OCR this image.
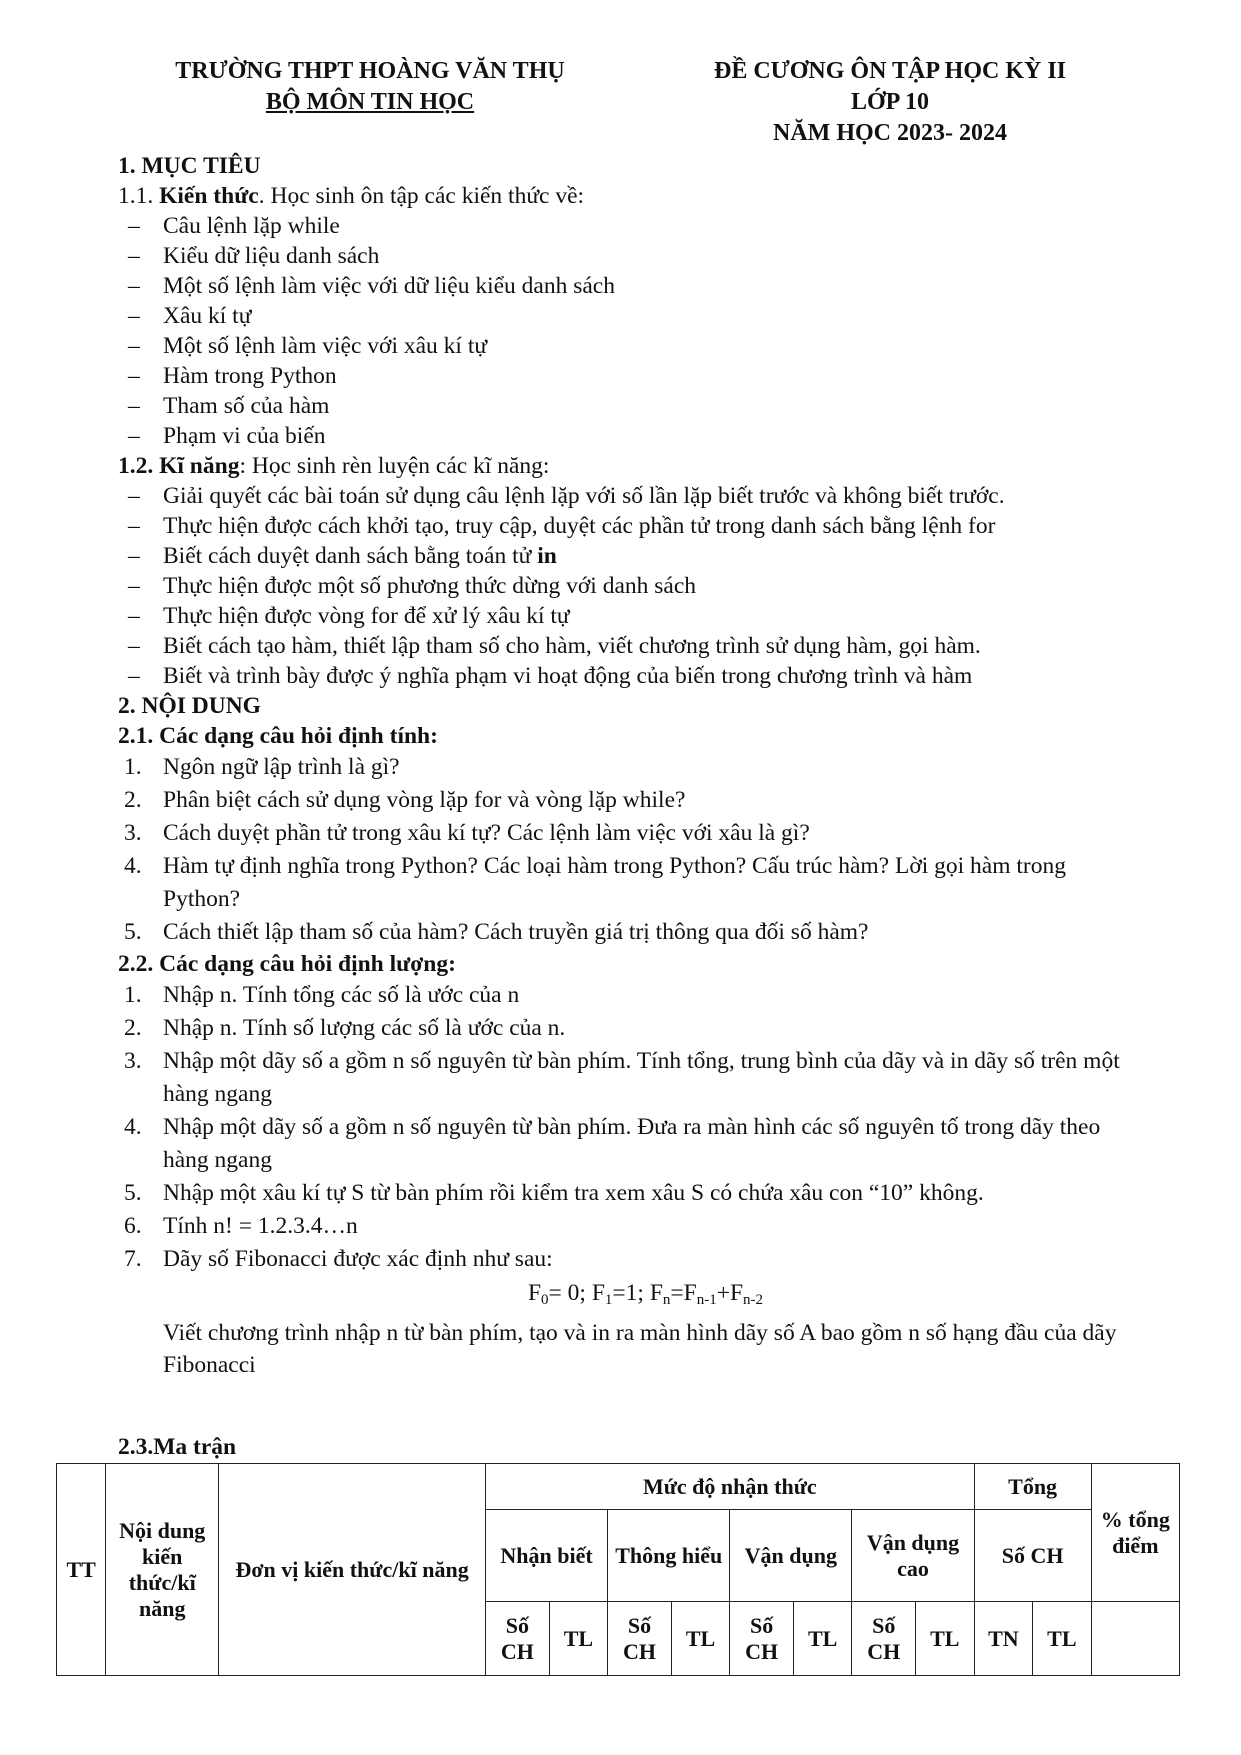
TRƯỜNG THPT HOÀNG VĂN THỤ
BỘ MÔN TIN HỌC
ĐỀ CƯƠNG ÔN TẬP HỌC KỲ II
LỚP 10
NĂM HỌC 2023- 2024
1. MỤC TIÊU
1.1. Kiến thức. Học sinh ôn tập các kiến thức về:
– Câu lệnh lặp while
– Kiểu dữ liệu danh sách
– Một số lệnh làm việc với dữ liệu kiểu danh sách
– Xâu kí tự
– Một số lệnh làm việc với xâu kí tự
– Hàm trong Python
– Tham số của hàm
– Phạm vi của biến
1.2. Kĩ năng: Học sinh rèn luyện các kĩ năng:
– Giải quyết các bài toán sử dụng câu lệnh lặp với số lần lặp biết trước và không biết trước.
– Thực hiện được cách khởi tạo, truy cập, duyệt các phần tử trong danh sách bằng lệnh for
– Biết cách duyệt danh sách bằng toán tử in
– Thực hiện được một số phương thức dừng với danh sách
– Thực hiện được vòng for để xử lý xâu kí tự
– Biết cách tạo hàm, thiết lập tham số cho hàm, viết chương trình sử dụng hàm, gọi hàm.
– Biết và trình bày được ý nghĩa phạm vi hoạt động của biến trong chương trình và hàm
2. NỘI DUNG
2.1. Các dạng câu hỏi định tính:
1. Ngôn ngữ lập trình là gì?
2. Phân biệt cách sử dụng vòng lặp for và vòng lặp while?
3. Cách duyệt phần tử trong xâu kí tự? Các lệnh làm việc với xâu là gì?
4. Hàm tự định nghĩa trong Python? Các loại hàm trong Python? Cấu trúc hàm? Lời gọi hàm trong Python?
5. Cách thiết lập tham số của hàm? Cách truyền giá trị thông qua đối số hàm?
2.2. Các dạng câu hỏi định lượng:
1. Nhập n. Tính tổng các số là ước của n
2. Nhập n. Tính số lượng các số là ước của n.
3. Nhập một dãy số a gồm n số nguyên từ bàn phím. Tính tổng, trung bình của dãy và in dãy số trên một hàng ngang
4. Nhập một dãy số a gồm n số nguyên từ bàn phím. Đưa ra màn hình các số nguyên tố trong dãy theo hàng ngang
5. Nhập một xâu kí tự S từ bàn phím rồi kiểm tra xem xâu S có chứa xâu con “10” không.
6. Tính n! = 1.2.3.4…n
7. Dãy số Fibonacci được xác định như sau:
$F_0= 0$; $F_1=1$; $F_n=F_{n-1}+F_{n-2}$
Viết chương trình nhập n từ bàn phím, tạo và in ra màn hình dãy số A bao gồm n số hạng đầu của dãy Fibonacci
2.3.Ma trận
TT	Nội dung kiến thức/kĩ năng	Đơn vị kiến thức/kĩ năng	Mức độ nhận thức								Tổng		% tổng điểm
			Nhận biết		Thông hiểu		Vận dụng		Vận dụng cao		Số CH		
			Số CH	TL	Số CH	TL	Số CH	TL	Số CH	TL	TN	TL	
